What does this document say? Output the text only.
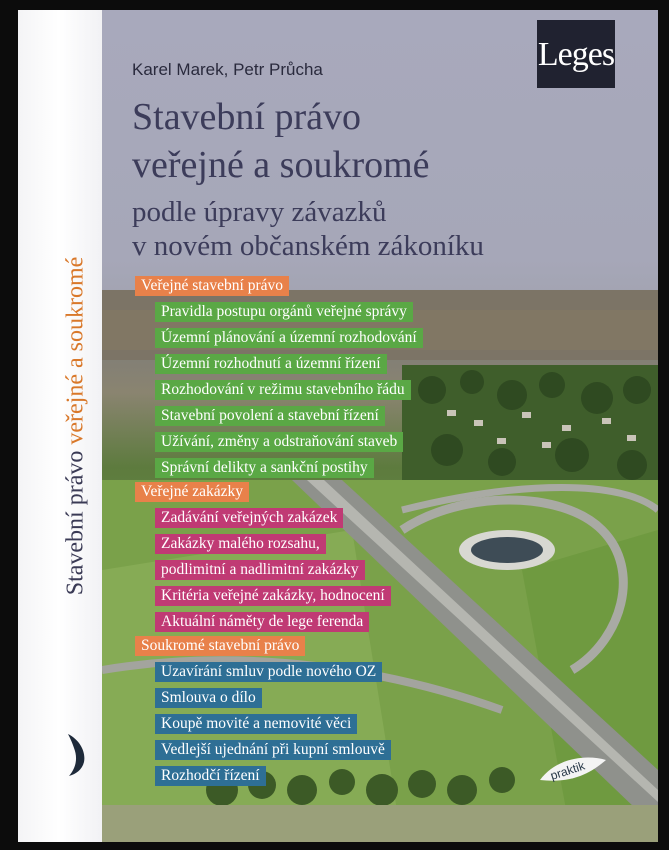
Stavební právo veřejné a soukromé
Karel Marek, Petr Průcha
Stavební právo
veřejné a soukromé
podle úpravy závazků
v novém občanském zákoníku
Leges
Veřejné stavební právo
Pravidla postupu orgánů veřejné správy
Územní plánování a územní rozhodování
Územní rozhodnutí a územní řízení
Rozhodování v režimu stavebního řádu
Stavební povolení a stavební řízení
Užívání, změny a odstraňování staveb
Správní delikty a sankční postihy
Veřejné zakázky
Zadávání veřejných zakázek
Zakázky malého rozsahu,
podlimitní a nadlimitní zakázky
Kritéria veřejné zakázky, hodnocení
Aktuální náměty de lege ferenda
Soukromé stavební právo
Uzavírání smluv podle nového OZ
Smlouva o dílo
Koupě movité a nemovité věci
Vedlejší ujednání při kupní smlouvě
Rozhodčí řízení	praktik
